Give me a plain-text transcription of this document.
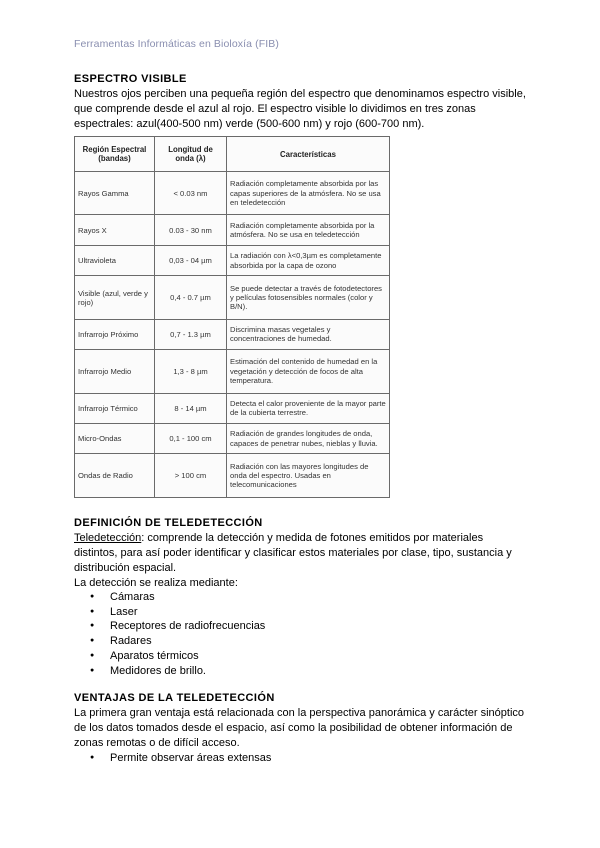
Ferramentas Informáticas en Bioloxía (FIB)
ESPECTRO VISIBLE

Nuestros ojos perciben una pequeña región del espectro que denominamos espectro visible, que comprende desde el azul al rojo. El espectro visible lo dividimos en tres zonas espectrales: azul(400-500 nm) verde (500-600 nm) y rojo (600-700 nm).

Región Espectral (bandas)	Longitud de onda (λ)	Características
Rayos Gamma	< 0.03 nm	Radiación completamente absorbida por las capas superiores de la atmósfera. No se usa en teledetección
Rayos X	0.03 - 30 nm	Radiación completamente absorbida por la atmósfera. No se usa en teledetección
Ultravioleta	0,03 - 04 µm	La radiación con λ<0,3µm es completamente absorbida por la capa de ozono
Visible (azul, verde y rojo)	0,4 - 0.7 µm	Se puede detectar a través de fotodetectores y películas fotosensibles normales (color y B/N).
Infrarrojo Próximo	0,7 - 1.3 µm	Discrimina masas vegetales y concentraciones de humedad.
Infrarrojo Medio	1,3 - 8 µm	Estimación del contenido de humedad en la vegetación y detección de focos de alta temperatura.
Infrarrojo Térmico	8 - 14 µm	Detecta el calor proveniente de la mayor parte de la cubierta terrestre.
Micro-Ondas	0,1 - 100 cm	Radiación de grandes longitudes de onda, capaces de penetrar nubes, nieblas y lluvia.
Ondas de Radio	> 100 cm	Radiación con las mayores longitudes de onda del espectro. Usadas en telecomunicaciones
DEFINICIÓN DE TELEDETECCIÓN

Teledetección: comprende la detección y medida de fotones emitidos por materiales distintos, para así poder identificar y clasificar estos materiales por clase, tipo, sustancia y distribución espacial.

La detección se realiza mediante:

● Cámaras
● Laser
● Receptores de radiofrecuencias
● Radares
● Aparatos térmicos
● Medidores de brillo.
VENTAJAS DE LA TELEDETECCIÓN

La primera gran ventaja está relacionada con la perspectiva panorámica y carácter sinóptico de los datos tomados desde el espacio, así como la posibilidad de obtener información de zonas remotas o de difícil acceso.

● Permite observar áreas extensas
